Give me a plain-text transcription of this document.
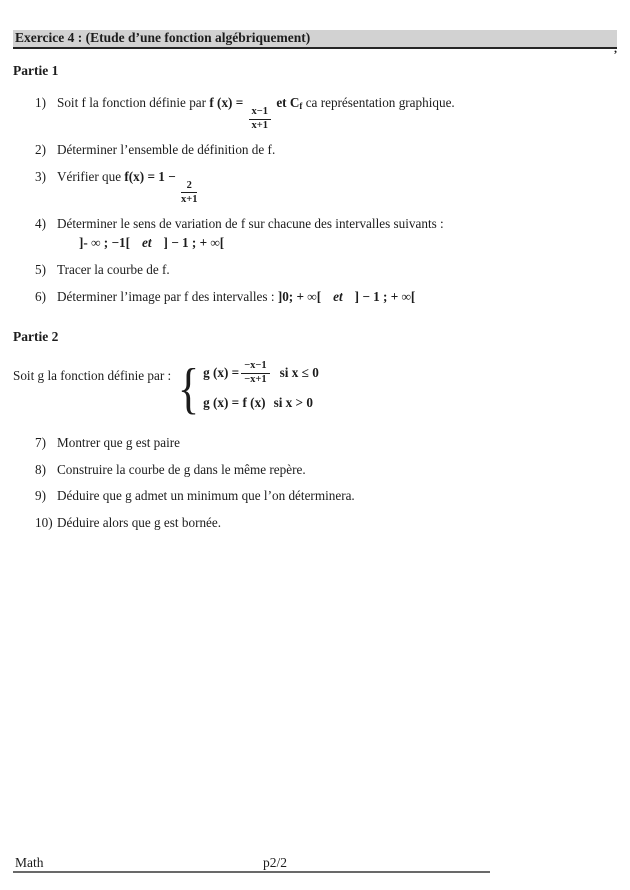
Exercice 4 : (Etude d’une fonction algébriquement)
,
Partie 1
1) Soit f la fonction définie par f (x) =
$\frac{x-1}{x+1}$
et Cf ca représentation graphique.
2) Déterminer l’ensemble de définition de f.
3) Vérifier que f(x) = 1 −
$\frac{2}{x+1}$
4) Déterminer le sens de variation de f sur chacune des intervalles suivants :
]- ∞ ; −1[ et ] − 1 ; + ∞[
5) Tracer la courbe de f.
6) Déterminer l’image par f des intervalles : ]0; + ∞[ et ] − 1 ; + ∞[
Partie 2
Soit g la fonction définie par : { g $(x) = \frac{-x-1}{-x+1}$ si x ≤ 0
g (x) = f (x) si x > 0
7) Montrer que g est paire
8) Construire la courbe de g dans le même repère.
9) Déduire que g admet un minimum que l’on déterminera.
10) Déduire alors que g est bornée.
Math	p2/2
